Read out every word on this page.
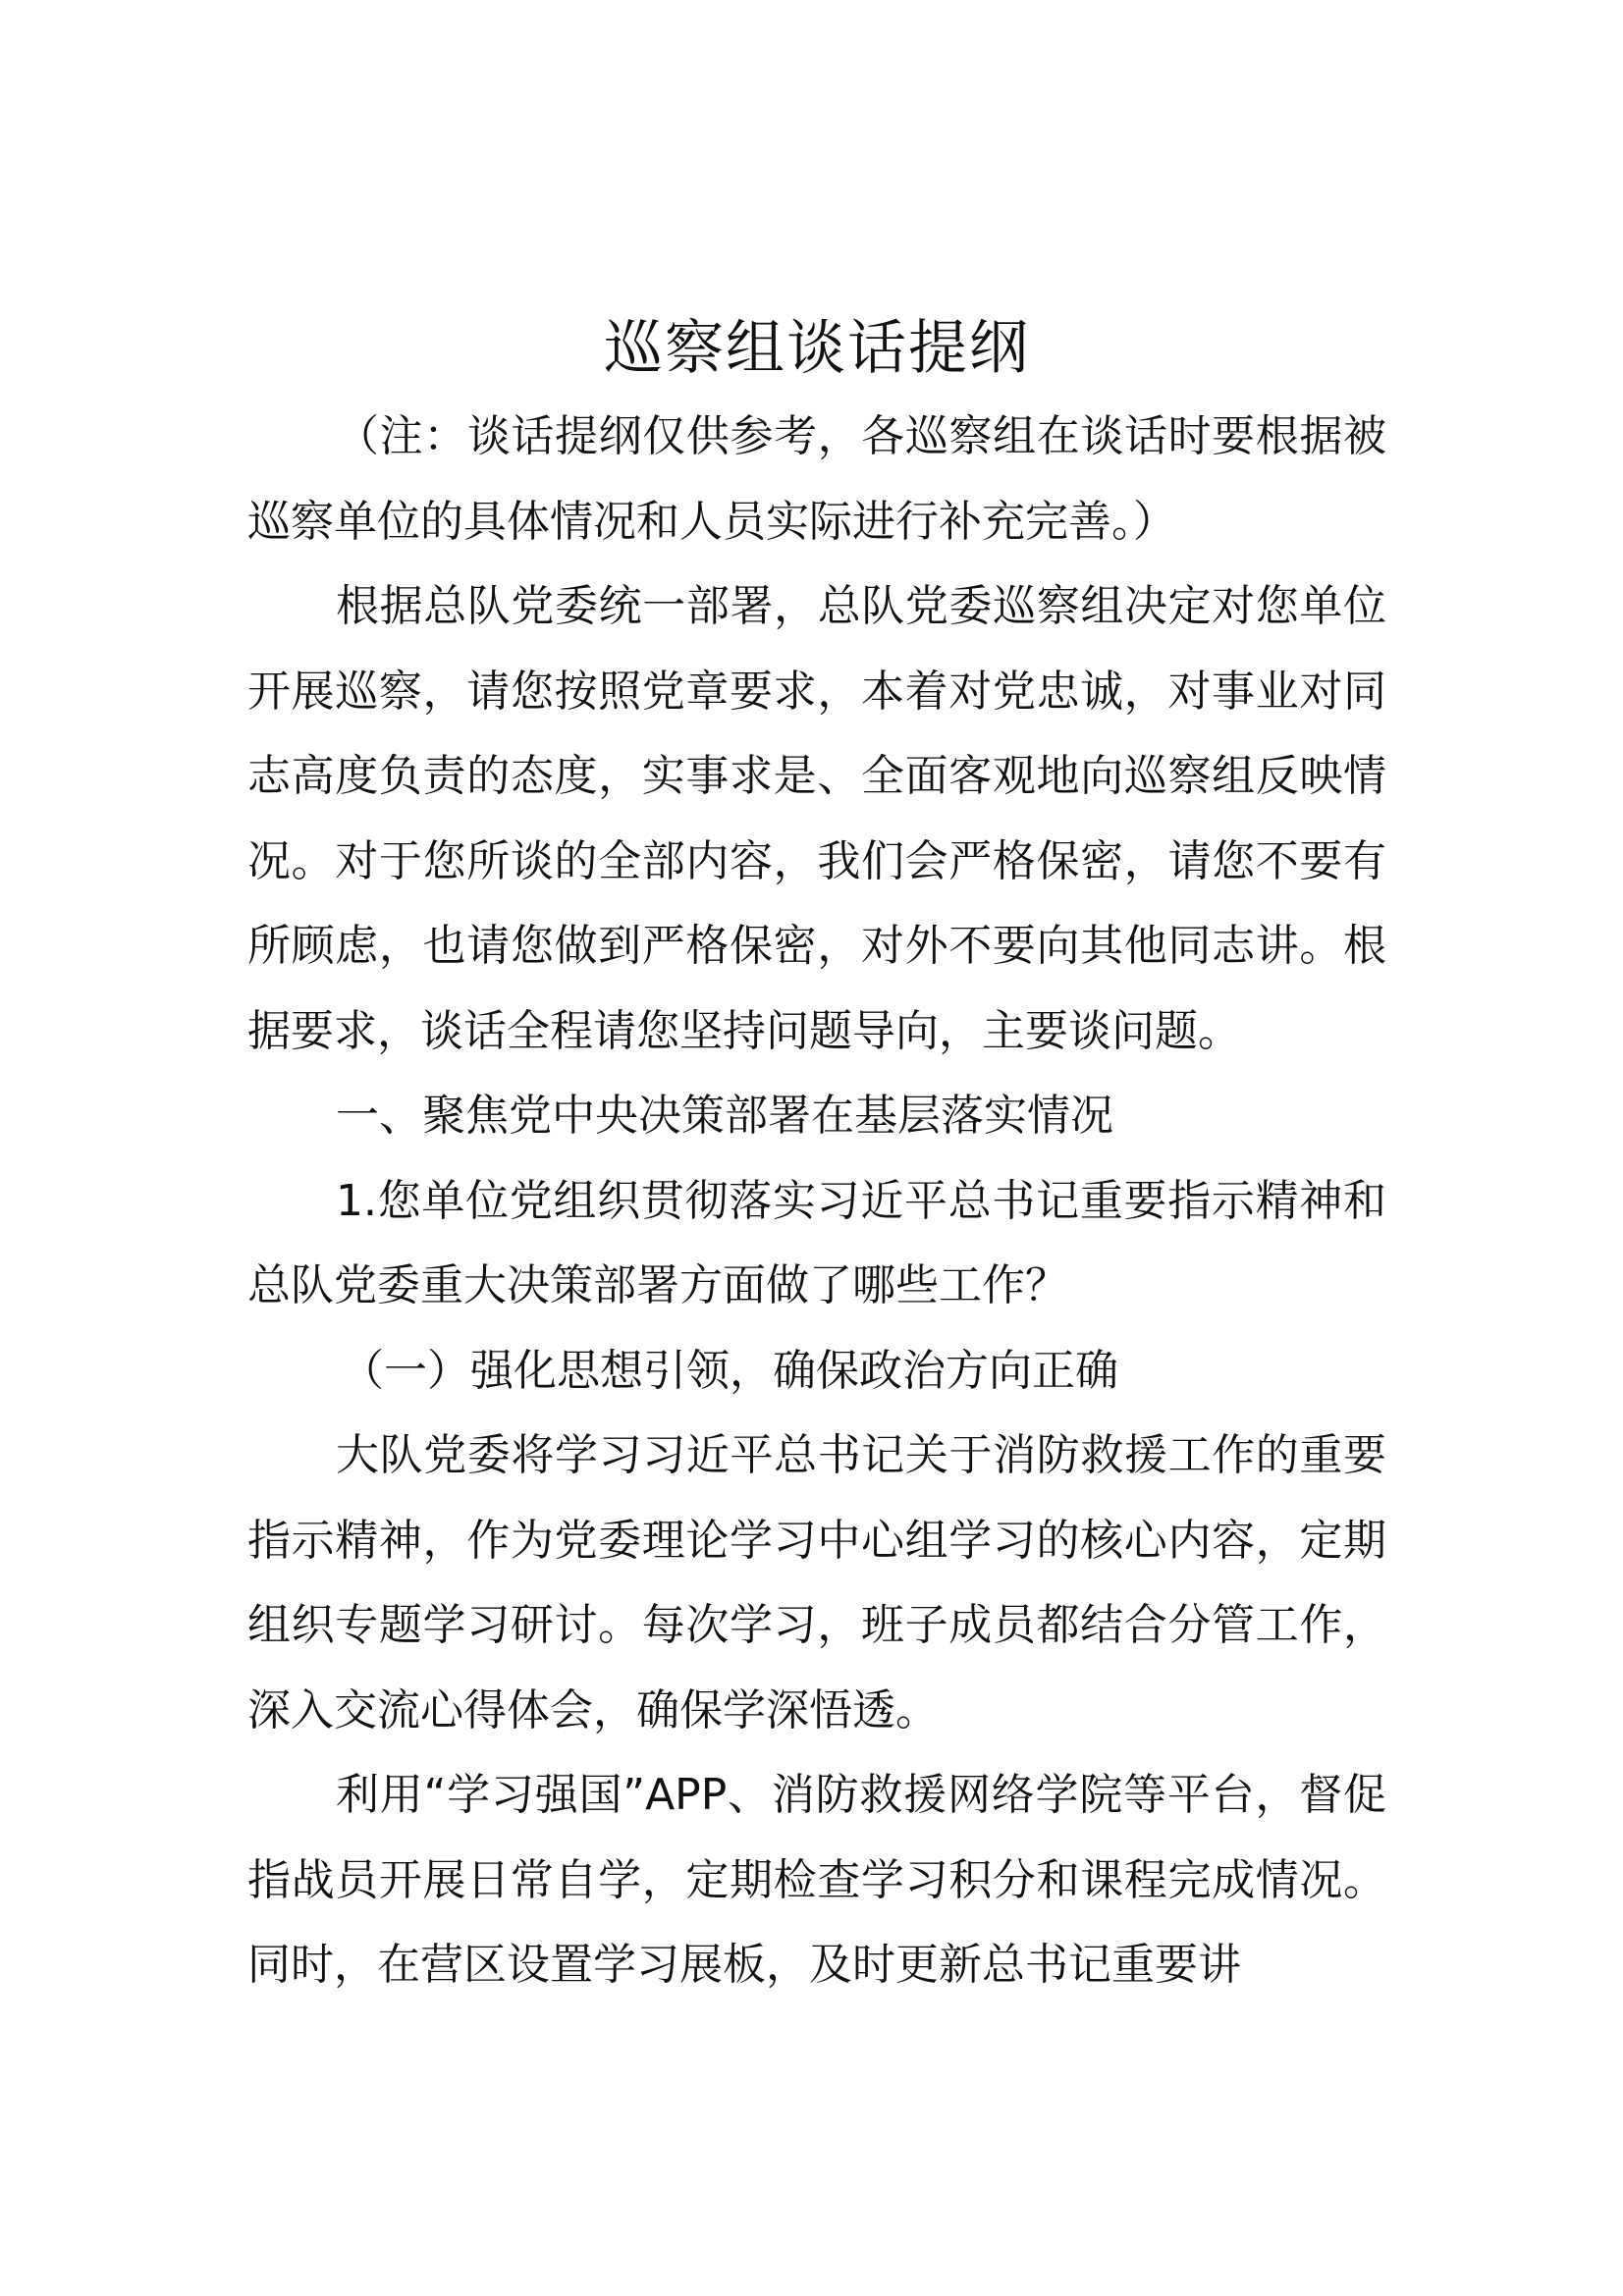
巡察组谈话提纲

（注：谈话提纲仅供参考，各巡察组在谈话时要根据被巡察单位的具体情况和人员实际进行补充完善。）

根据总队党委统一部署，总队党委巡察组决定对您单位开展巡察，请您按照党章要求，本着对党忠诚，对事业对同志高度负责的态度，实事求是、全面客观地向巡察组反映情况。对于您所谈的全部内容，我们会严格保密，请您不要有所顾虑，也请您做到严格保密，对外不要向其他同志讲。根据要求，谈话全程请您坚持问题导向，主要谈问题。

一、聚焦党中央决策部署在基层落实情况

1.您单位党组织贯彻落实习近平总书记重要指示精神和总队党委重大决策部署方面做了哪些工作？

（一）强化思想引领，确保政治方向正确

大队党委将学习习近平总书记关于消防救援工作的重要指示精神，作为党委理论学习中心组学习的核心内容，定期组织专题学习研讨。每次学习，班子成员都结合分管工作，深入交流心得体会，确保学深悟透。

利用“学习强国”APP、消防救援网络学院等平台，督促指战员开展日常自学，定期检查学习积分和课程完成情况。同时，在营区设置学习展板，及时更新总书记重要讲
